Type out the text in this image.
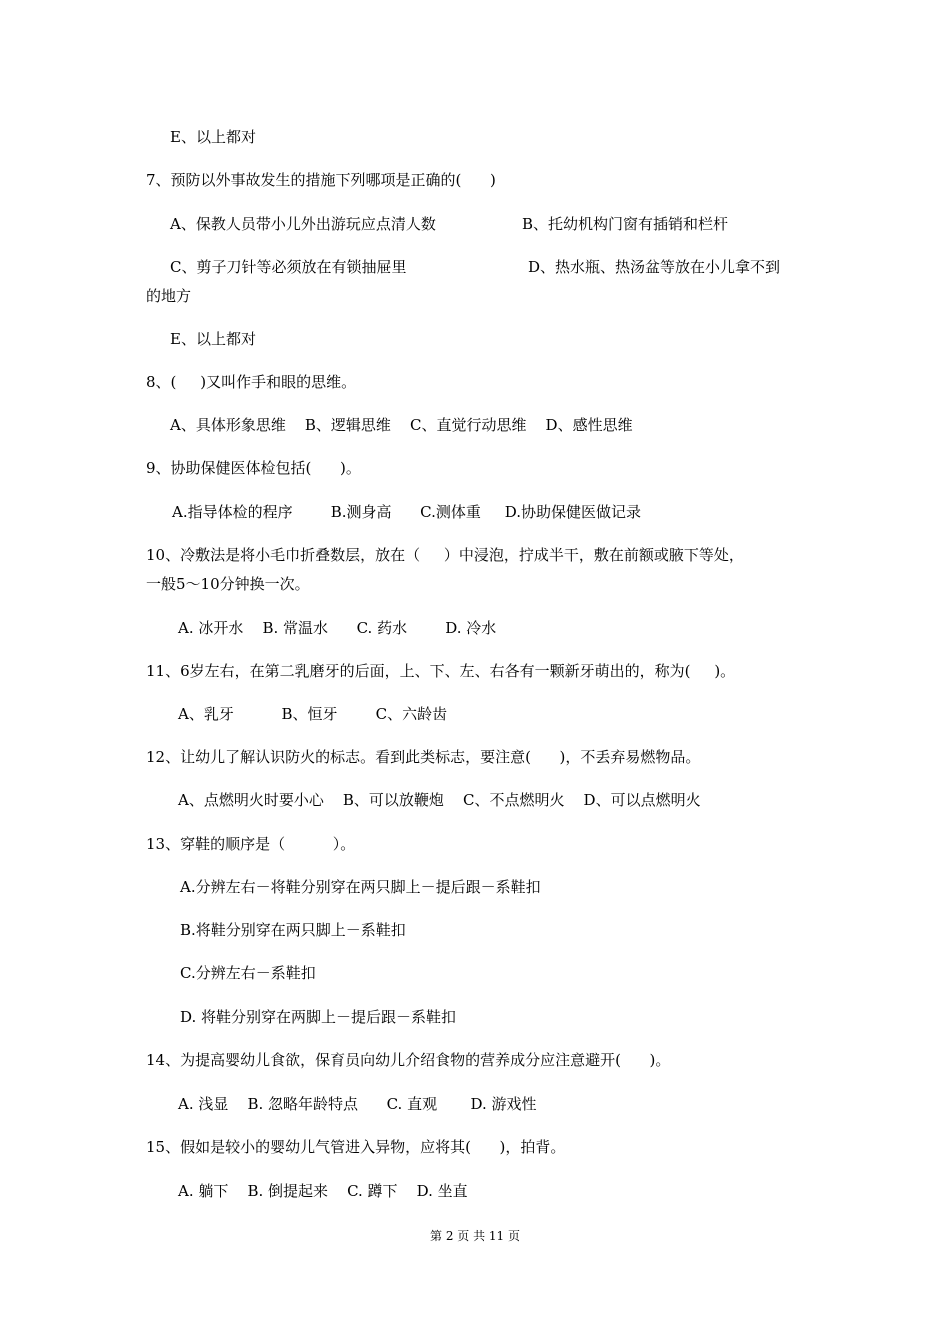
E、以上都对
7、预防以外事故发生的措施下列哪项是正确的(      )
A、保教人员带小儿外出游玩应点清人数	B、托幼机构门窗有插销和栏杆
C、剪子刀针等必须放在有锁抽屉里	D、热水瓶、热汤盆等放在小儿拿不到
的地方
E、以上都对
8、(     )又叫作手和眼的思维。
A、具体形象思维    B、逻辑思维    C、直觉行动思维    D、感性思维
9、协助保健医体检包括(      )。
A.指导体检的程序        B.测身高      C.测体重     D.协助保健医做记录
10、冷敷法是将小毛巾折叠数层，放在（     ）中浸泡，拧成半干，敷在前额或腋下等处，
一般5～10分钟换一次。
A. 冰开水    B. 常温水      C. 药水        D. 冷水
11、6岁左右，在第二乳磨牙的后面，上、下、左、右各有一颗新牙萌出的，称为(     )。
A、乳牙          B、恒牙        C、六龄齿
12、让幼儿了解认识防火的标志。看到此类标志，要注意(      )，不丢弃易燃物品。
A、点燃明火时要小心    B、可以放鞭炮    C、不点燃明火    D、可以点燃明火
13、穿鞋的顺序是（          ）。
A.分辨左右－将鞋分别穿在两只脚上－提后跟－系鞋扣
B.将鞋分别穿在两只脚上－系鞋扣
C.分辨左右－系鞋扣
D. 将鞋分别穿在两脚上－提后跟－系鞋扣
14、为提高婴幼儿食欲，保育员向幼儿介绍食物的营养成分应注意避开(      )。
A. 浅显    B. 忽略年龄特点      C. 直观       D. 游戏性
15、假如是较小的婴幼儿气管进入异物，应将其(      )，拍背。
A. 躺下    B. 倒提起来    C. 蹲下    D. 坐直
第 2 页 共 11 页
